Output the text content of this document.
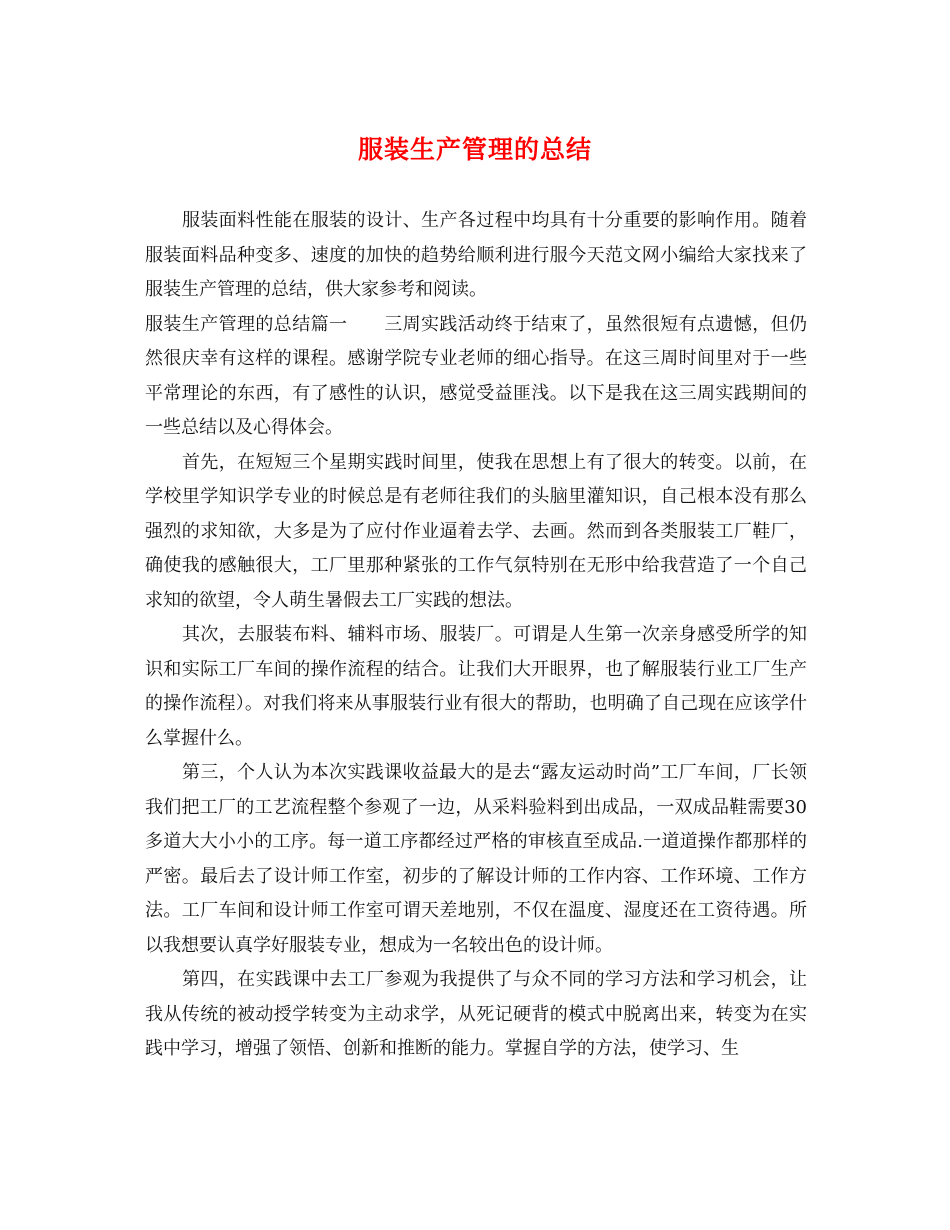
服装生产管理的总结

服装面料性能在服装的设计、生产各过程中均具有十分重要的影响作用。随着服装面料品种变多、速度的加快的趋势给顺利进行服今天范文网小编给大家找来了服装生产管理的总结，供大家参考和阅读。

服装生产管理的总结篇一　　三周实践活动终于结束了，虽然很短有点遗憾，但仍然很庆幸有这样的课程。感谢学院专业老师的细心指导。在这三周时间里对于一些平常理论的东西，有了感性的认识，感觉受益匪浅。以下是我在这三周实践期间的一些总结以及心得体会。

首先，在短短三个星期实践时间里，使我在思想上有了很大的转变。以前，在学校里学知识学专业的时候总是有老师往我们的头脑里灌知识，自己根本没有那么强烈的求知欲，大多是为了应付作业逼着去学、去画。然而到各类服装工厂鞋厂，确使我的感触很大，工厂里那种紧张的工作气氛特别在无形中给我营造了一个自己求知的欲望，令人萌生暑假去工厂实践的想法。

其次，去服装布料、辅料市场、服装厂。可谓是人生第一次亲身感受所学的知识和实际工厂车间的操作流程的结合。让我们大开眼界，也了解服装行业工厂生产的操作流程）。对我们将来从事服装行业有很大的帮助，也明确了自己现在应该学什么掌握什么。

第三，个人认为本次实践课收益最大的是去“露友运动时尚”工厂车间，厂长领我们把工厂的工艺流程整个参观了一边，从采料验料到出成品，一双成品鞋需要30多道大大小小的工序。每一道工序都经过严格的审核直至成品.一道道操作都那样的严密。最后去了设计师工作室，初步的了解设计师的工作内容、工作环境、工作方法。工厂车间和设计师工作室可谓天差地别，不仅在温度、湿度还在工资待遇。所以我想要认真学好服装专业，想成为一名较出色的设计师。

第四，在实践课中去工厂参观为我提供了与众不同的学习方法和学习机会，让我从传统的被动授学转变为主动求学，从死记硬背的模式中脱离出来，转变为在实践中学习，增强了领悟、创新和推断的能力。掌握自学的方法，使学习、生
